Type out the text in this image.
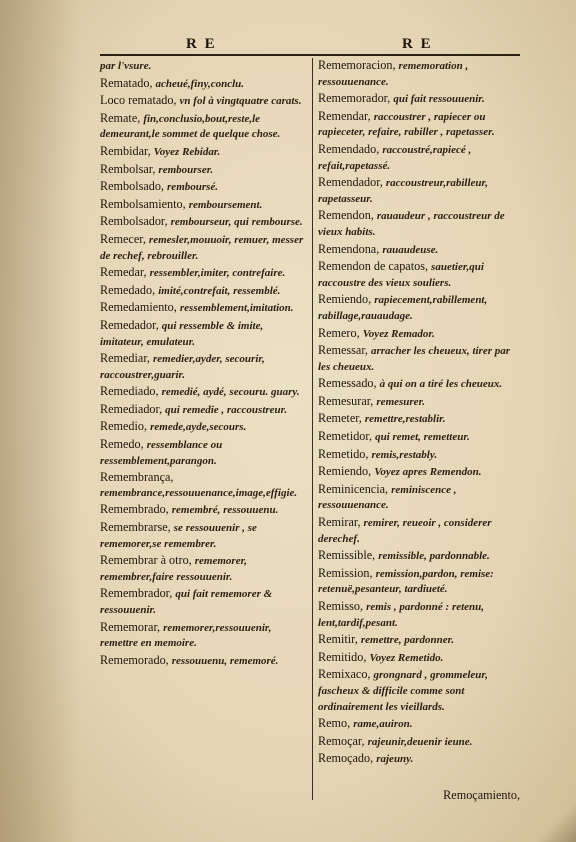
R E	R E
par l'vsure.
Rematado, acheué,finy,conclu.
Loco rematado, vn fol à vingtquatre carats.
Remate, fin,conclusio,bout,reste,le demeurant,le sommet de quelque chose.
Rembidar, Voyez Rebidar.
Rembolsar, rembourser.
Rembolsado, remboursé.
Rembolsamiento, remboursement.
Rembolsador, rembourseur, qui rembourse.
Remecer, remesler,mouuoir, remuer, messer de rechef, rebrouiller.
Remedar, ressembler,imiter, contrefaire.
Remedado, imité,contrefait, ressemblé.
Remedamiento, ressemblement,imitation.
Remedador, qui ressemble & imite, imitateur, emulateur.
Remediar, remedier,ayder, secourir, raccoustrer,guarir.
Remediado, remedié, aydé, secouru. guary.
Remediador, qui remedie , raccoustreur.
Remedio, remede,ayde,secours.
Remedo, ressemblance ou ressemblement,parangon.
Remembrança, remembrance,ressouuenance,image,effigie.
Remembrado, remembré, ressouuenu.
Remembrarse, se ressouuenir , se rememorer,se remembrer.
Remembrar à otro, rememorer, remembrer,faire ressouuenir.
Remembrador, qui fait rememorer & ressouuenir.
Rememorar, rememorer,ressouuenir, remettre en memoire.
Rememorado, ressouuenu, rememoré.
Rememoracion, rememoration , ressouuenance.
Rememorador, qui fait ressouuenir.
Remendar, raccoustrer , rapiecer ou rapieceter, refaire, rabiller , rapetasser.
Remendado, raccoustré,rapiecé , refait,rapetassé.
Remendador, raccoustreur,rabilleur, rapetasseur.
Remendon, rauaudeur , raccoustreur de vieux habits.
Remendona, rauaudeuse.
Remendon de capatos, sauetier,qui raccoustre des vieux souliers.
Remiendo, rapiecement,rabillement, rabillage,rauaudage.
Remero, Voyez Remador.
Remessar, arracher les cheueux, tirer par les cheueux.
Remessado, à qui on a tiré les cheueux.
Remesurar, remesurer.
Remeter, remettre,restablir.
Remetidor, qui remet, remetteur.
Remetido, remis,restably.
Remiendo, Voyez apres Remendon.
Reminicencia, reminiscence , ressouuenance.
Remirar, remirer, reueoir , considerer derechef.
Remissible, remissible, pardonnable.
Remission, remission,pardon, remise: retenuë,pesanteur, tardiueté.
Remisso, remis , pardonné : retenu, lent,tardif,pesant.
Remitir, remettre, pardonner.
Remitido, Voyez Remetido.
Remixaco, grongnard , grommeleur, fascheux & difficile comme sont ordinairement les vieillards.
Remo, rame,auiron.
Remoçar, rajeunir,deuenir ieune.
Remoçado, rajeuny.
Remoçamiento,
